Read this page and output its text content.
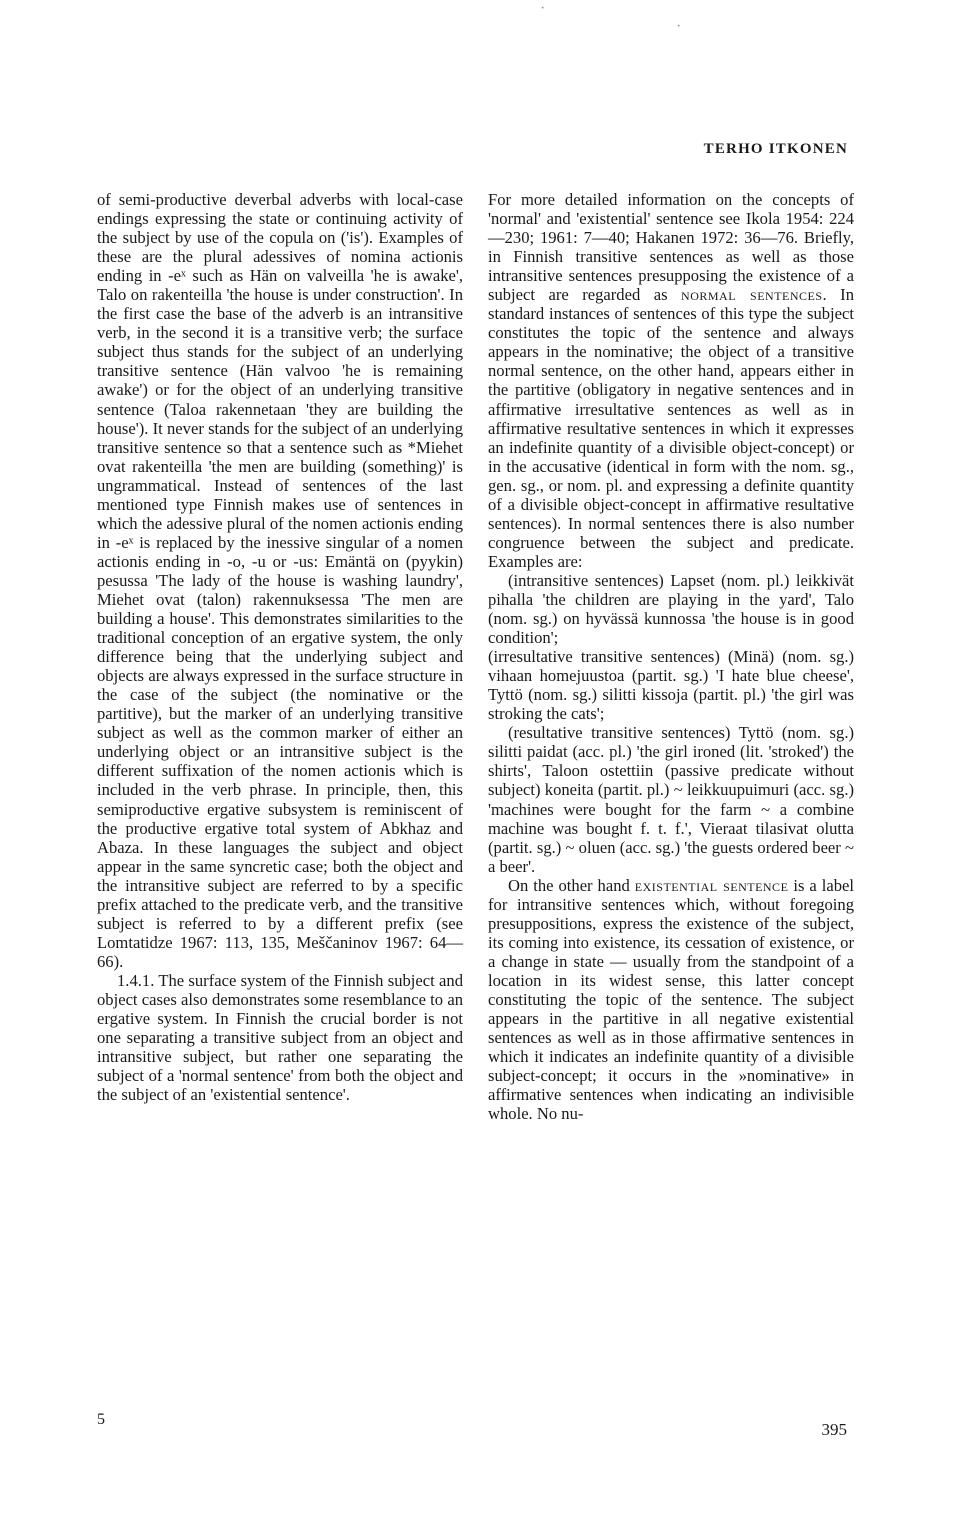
·
·
TERHO ITKONEN

of semi-productive deverbal adverbs with local-case endings expressing the state or continuing activity of the subject by use of the copula on ('is'). Examples of these are the plural adessives of nomina actionis ending in -eˣ such as Hän on valveilla 'he is awake', Talo on rakenteilla 'the house is under construction'. In the first case the base of the adverb is an intransitive verb, in the second it is a transitive verb; the surface subject thus stands for the subject of an underlying transitive sentence (Hän valvoo 'he is remaining awake') or for the object of an underlying transitive sentence (Taloa rakennetaan 'they are building the house'). It never stands for the subject of an underlying transitive sentence so that a sentence such as *Miehet ovat rakenteilla 'the men are building (something)' is ungrammatical. Instead of sentences of the last mentioned type Finnish makes use of sentences in which the adessive plural of the nomen actionis ending in -eˣ is replaced by the inessive singular of a nomen actionis ending in -o, -u or -us: Emäntä on (pyykin) pesussa 'The lady of the house is washing laundry', Miehet ovat (talon) rakennuksessa 'The men are building a house'. This demonstrates similarities to the traditional conception of an ergative system, the only difference being that the underlying subject and objects are always expressed in the surface structure in the case of the subject (the nominative or the partitive), but the marker of an underlying transitive subject as well as the common marker of either an underlying object or an intransitive subject is the different suffixation of the nomen actionis which is included in the verb phrase. In principle, then, this semiproductive ergative subsystem is reminiscent of the productive ergative total system of Abkhaz and Abaza. In these languages the subject and object appear in the same syncretic case; both the object and the intransitive subject are referred to by a specific prefix attached to the predicate verb, and the transitive subject is referred to by a different prefix (see Lomtatidze 1967: 113, 135, Meščaninov 1967: 64—66).

1.4.1. The surface system of the Finnish subject and object cases also demonstrates some resemblance to an ergative system. In Finnish the crucial border is not one separating a transitive subject from an object and intransitive subject, but rather one separating the subject of a 'normal sentence' from both the object and the subject of an 'existential sentence'.

For more detailed information on the concepts of 'normal' and 'existential' sentence see Ikola 1954: 224—230; 1961: 7—40; Hakanen 1972: 36—76. Briefly, in Finnish transitive sentences as well as those intransitive sentences presupposing the existence of a subject are regarded as normal sentences. In standard instances of sentences of this type the subject constitutes the topic of the sentence and always appears in the nominative; the object of a transitive normal sentence, on the other hand, appears either in the partitive (obligatory in negative sentences and in affirmative irresultative sentences as well as in affirmative resultative sentences in which it expresses an indefinite quantity of a divisible object-concept) or in the accusative (identical in form with the nom. sg., gen. sg., or nom. pl. and expressing a definite quantity of a divisible object-concept in affirmative resultative sentences). In normal sentences there is also number congruence between the subject and predicate. Examples are:

(intransitive sentences) Lapset (nom. pl.) leikkivät pihalla 'the children are playing in the yard', Talo (nom. sg.) on hyvässä kunnossa 'the house is in good condition';

(irresultative transitive sentences) (Minä) (nom. sg.) vihaan homejuustoa (partit. sg.) 'I hate blue cheese', Tyttö (nom. sg.) silitti kissoja (partit. pl.) 'the girl was stroking the cats';

(resultative transitive sentences) Tyttö (nom. sg.) silitti paidat (acc. pl.) 'the girl ironed (lit. 'stroked') the shirts', Taloon ostettiin (passive predicate without subject) koneita (partit. pl.) ~ leikkuupuimuri (acc. sg.) 'machines were bought for the farm ~ a combine machine was bought f. t. f.', Vieraat tilasivat olutta (partit. sg.) ~ oluen (acc. sg.) 'the guests ordered beer ~ a beer'.

On the other hand existential sentence is a label for intransitive sentences which, without foregoing presuppositions, express the existence of the subject, its coming into existence, its cessation of existence, or a change in state — usually from the standpoint of a location in its widest sense, this latter concept constituting the topic of the sentence. The subject appears in the partitive in all negative existential sentences as well as in those affirmative sentences in which it indicates an indefinite quantity of a divisible subject-concept; it occurs in the »nominative» in affirmative sentences when indicating an indivisible whole. No nu-

5
395
